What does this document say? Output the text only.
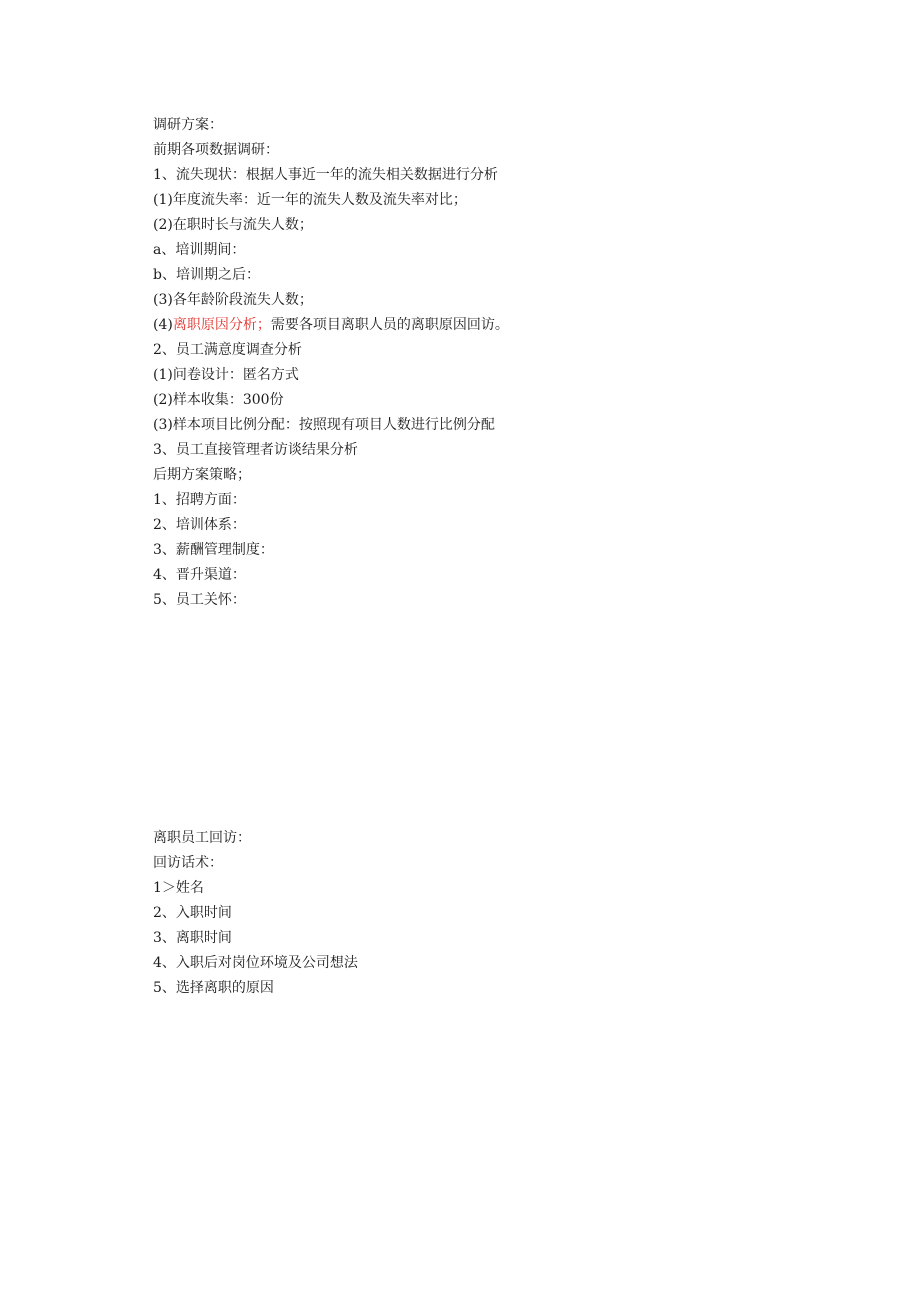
调研方案：
前期各项数据调研：
1、流失现状：根据人事近一年的流失相关数据进行分析
(1)年度流失率：近一年的流失人数及流失率对比；
(2)在职时长与流失人数；
a、培训期间：
b、培训期之后：
(3)各年龄阶段流失人数；
(4)离职原因分析；需要各项目离职人员的离职原因回访。
2、员工满意度调查分析
(1)问卷设计：匿名方式
(2)样本收集：300份
(3)样本项目比例分配：按照现有项目人数进行比例分配
3、员工直接管理者访谈结果分析
后期方案策略；
1、招聘方面：
2、培训体系：
3、薪酬管理制度：
4、晋升渠道：
5、员工关怀：
离职员工回访：
回访话术：
1＞姓名
2、入职时间
3、离职时间
4、入职后对岗位环境及公司想法
5、选择离职的原因
